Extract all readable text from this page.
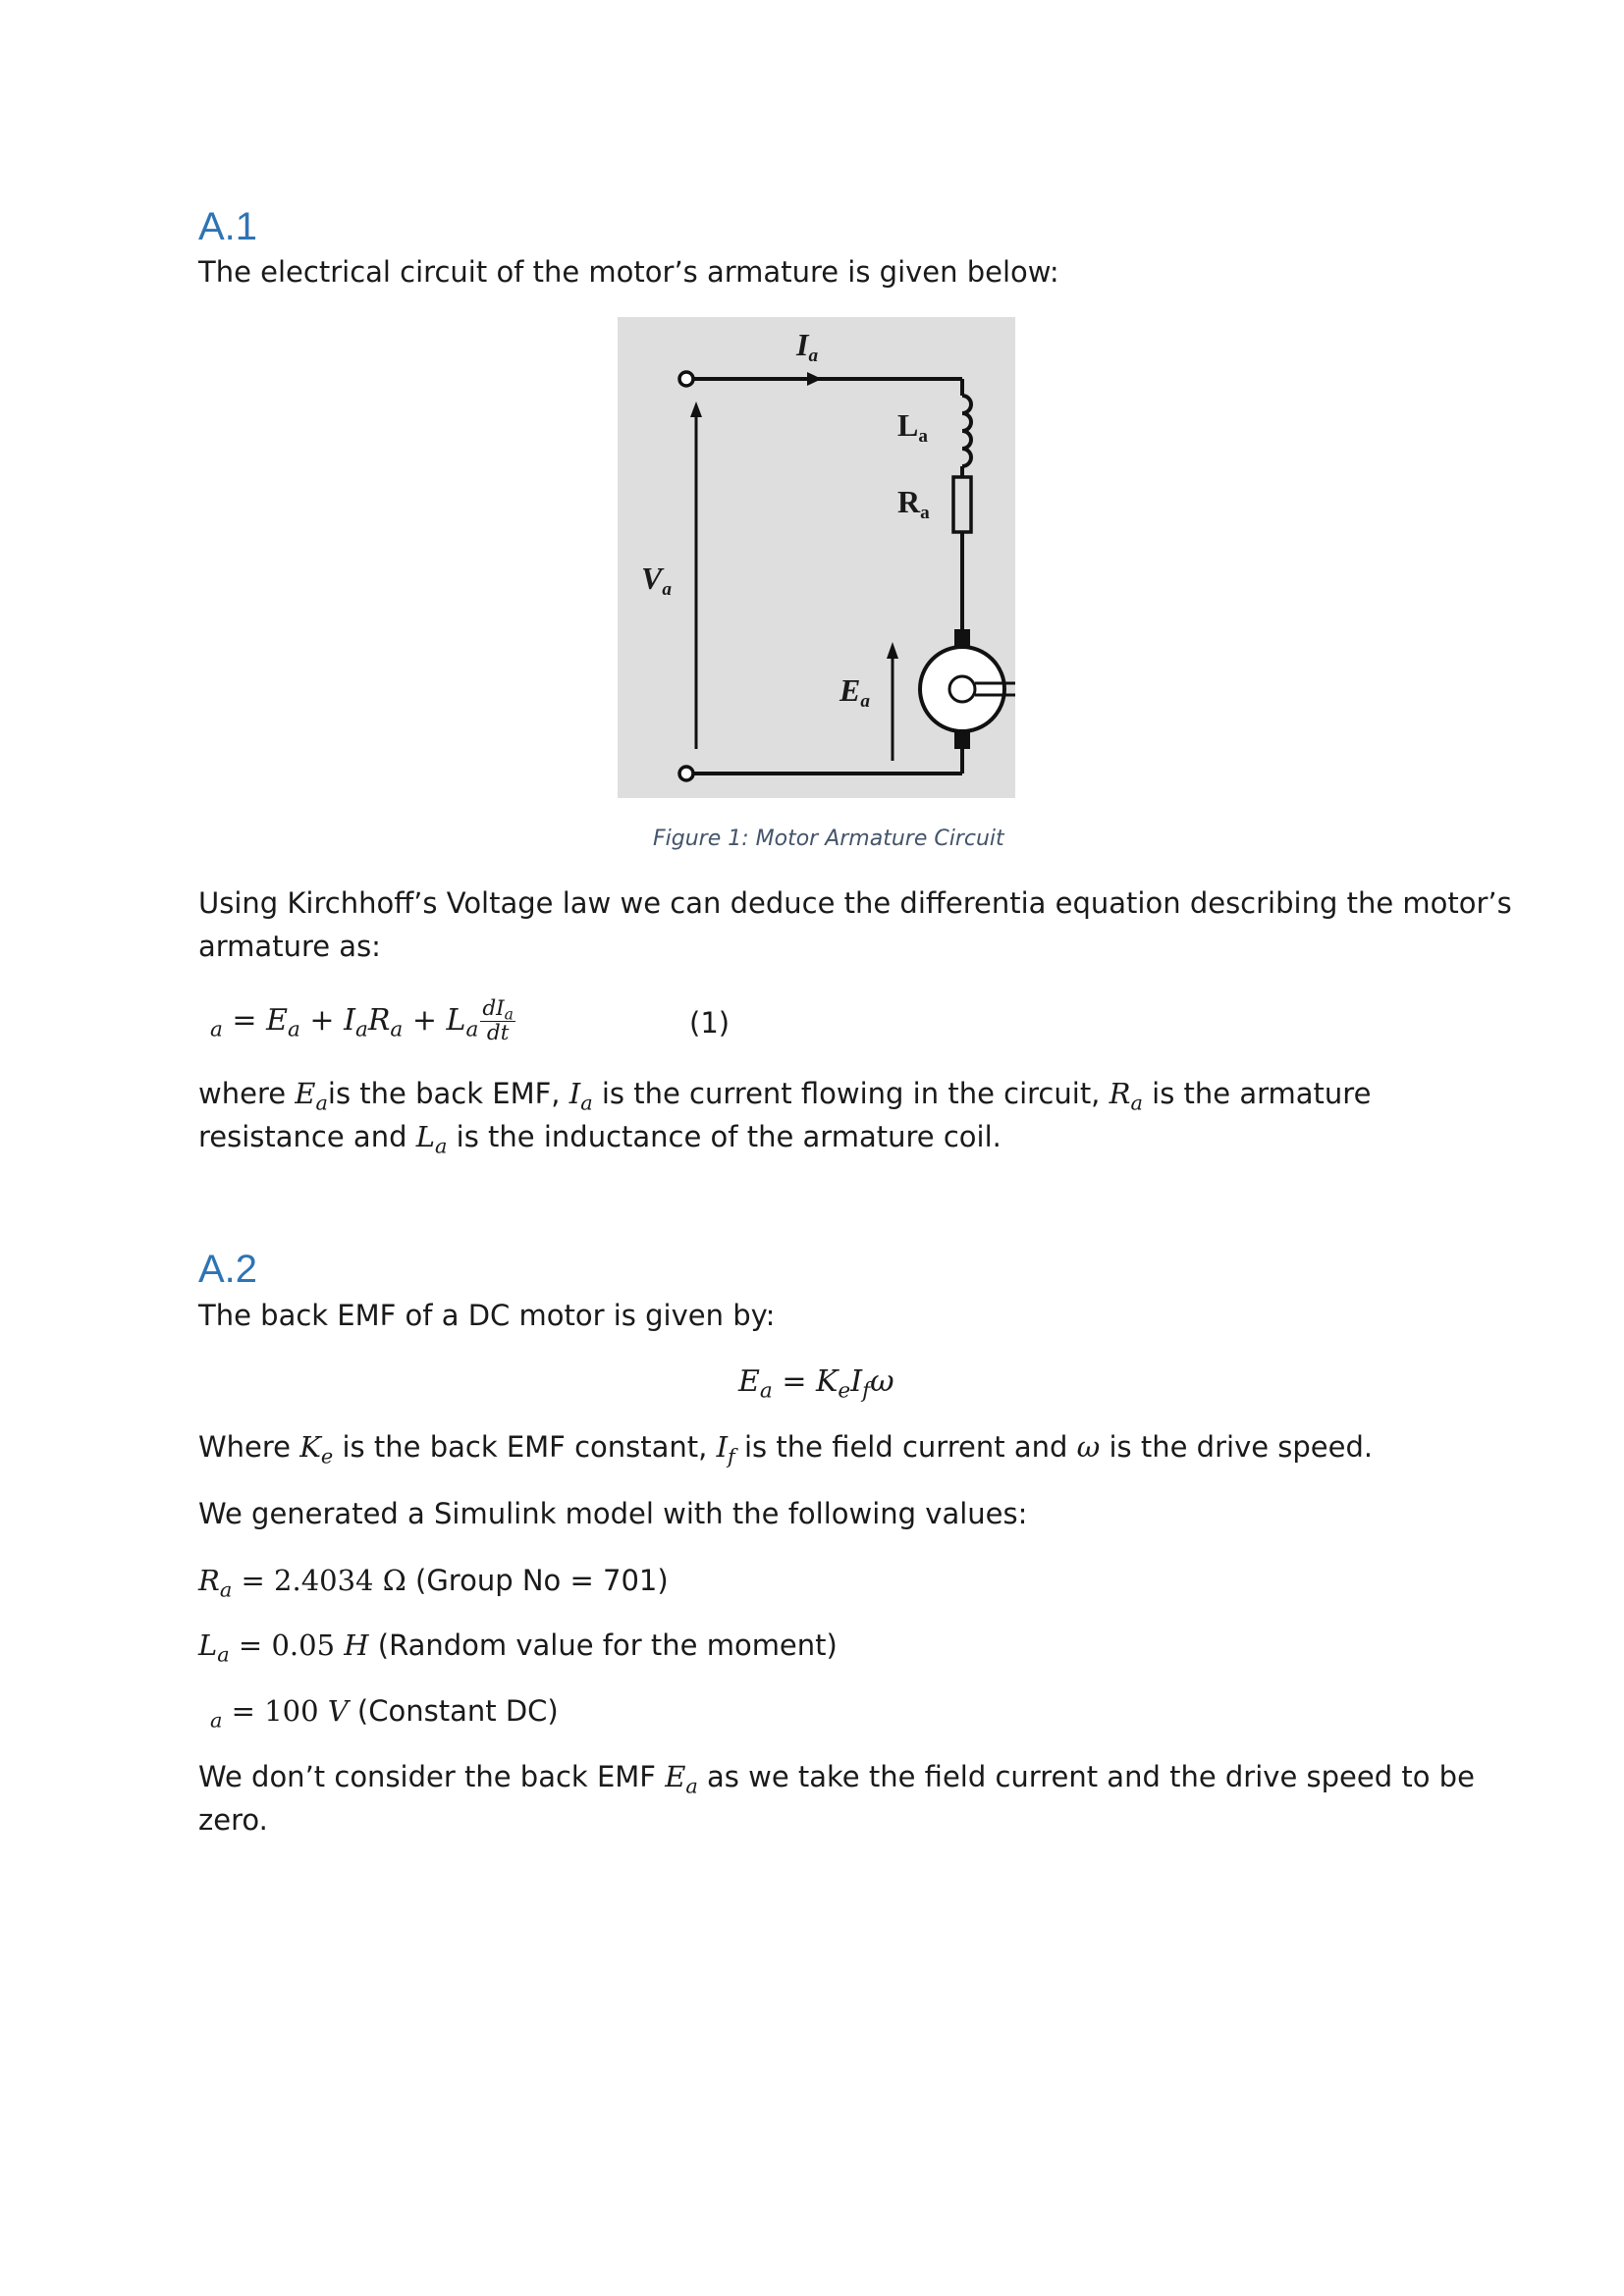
A.1
The electrical circuit of the motor’s armature is given below:
$I_a$
$L_a$
$R_a$
$V_a$
$E_a$
Figure 1: Motor Armature Circuit
Using Kirchhoff’s Voltage law we can deduce the differentia equation describing the motor’s
armature as:
$_a = E_a + I_aR_a + L_a \frac{dI_a}{dt}$	(1)
where $E_ais$ the back EMF, $I_a$ is the current flowing in the circuit, $R_a$ is the armature
resistance and $L_a$ is the inductance of the armature coil.
A.2
The back EMF of a DC motor is given by:
$E_a = K_eI_f\omega$
Where $K_e$ is the back EMF constant, $I_f$ is the field current and ω is the drive speed.
We generated a Simulink model with the following values:
$R_a = 2.4034$ Ω (Group No = 701)
$L_a = 0.05$ H (Random value for the moment)
$_a$ = 100 V (Constant DC)
We don’t consider the back EMF $E_a$ as we take the field current and the drive speed to be
zero.
